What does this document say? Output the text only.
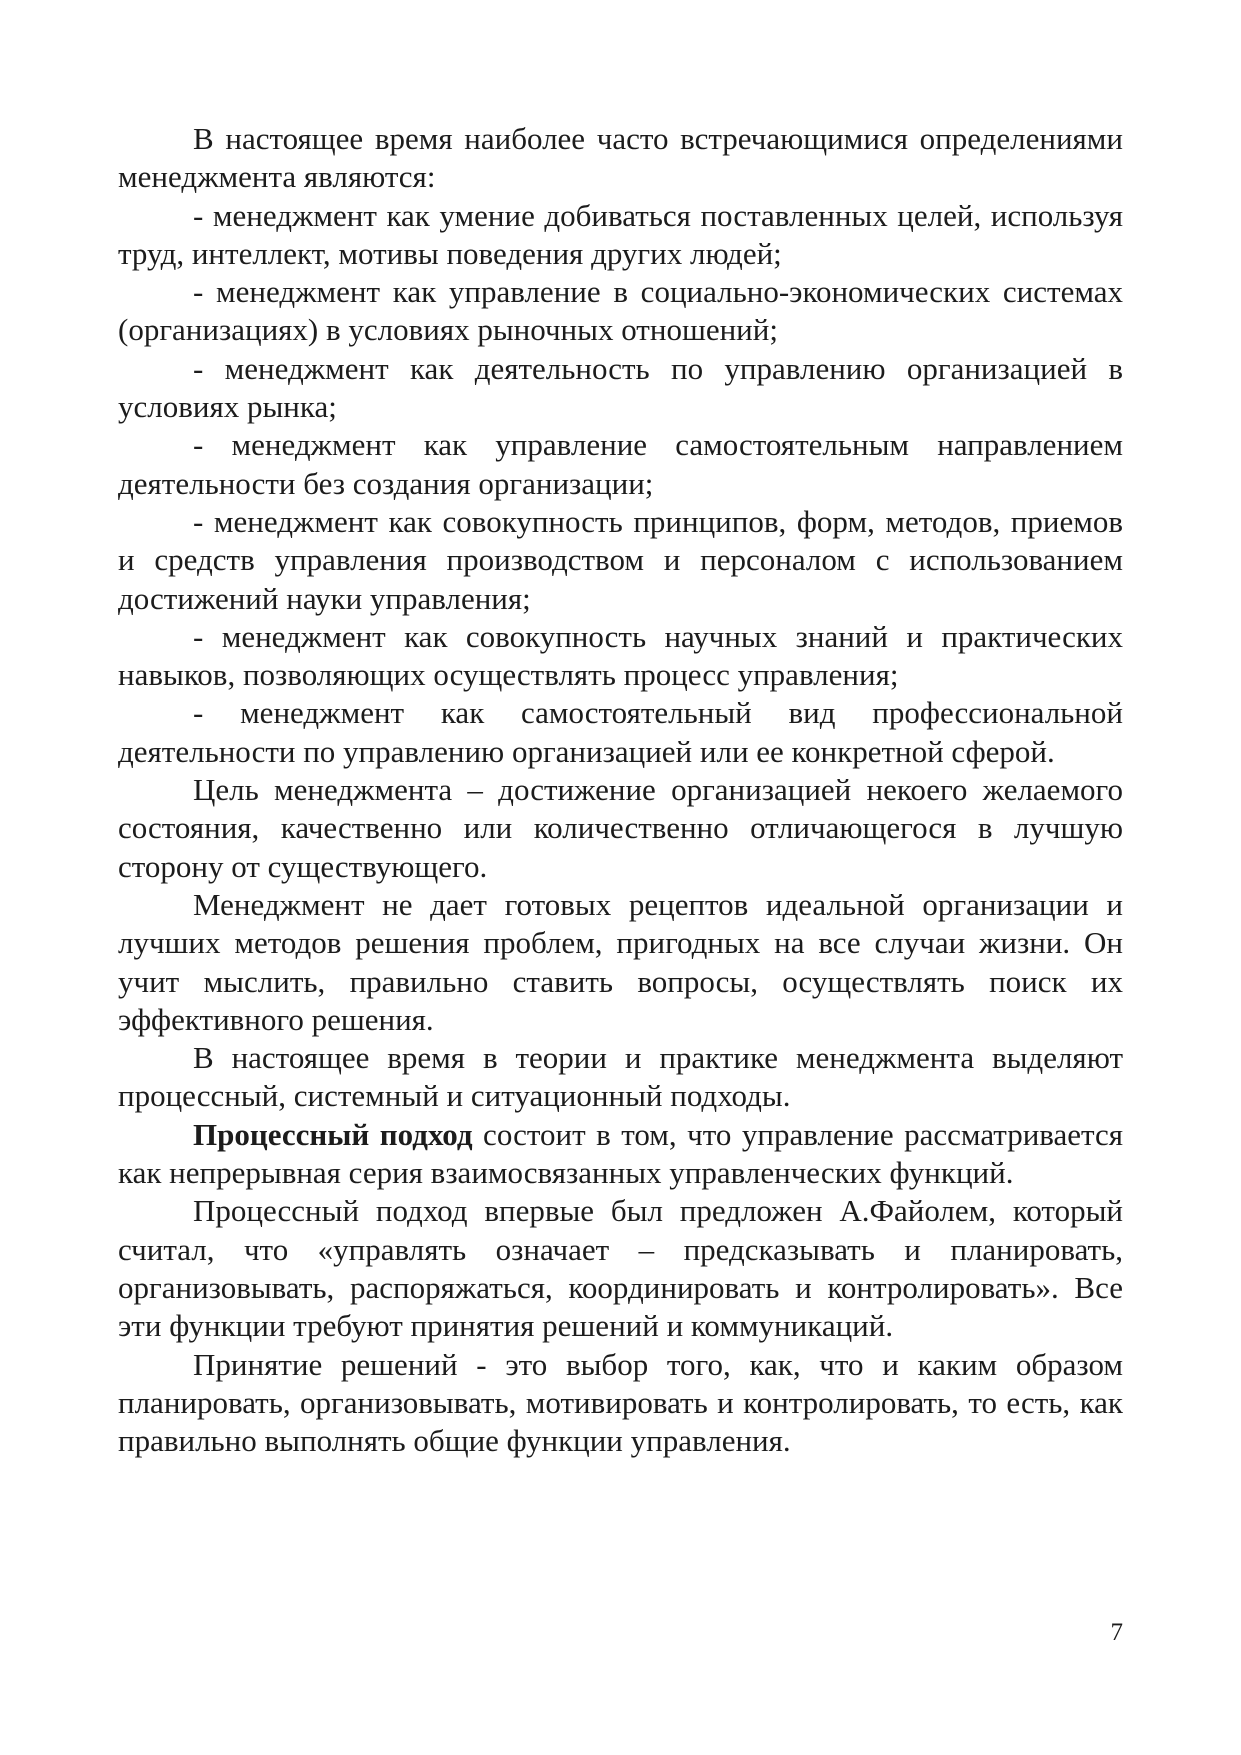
В настоящее время наиболее часто встречающимися определениями менеджмента являются:

- менеджмент как умение добиваться поставленных целей, используя труд, интеллект, мотивы поведения других людей;

- менеджмент как управление в социально-экономических системах (организациях) в условиях рыночных отношений;

- менеджмент как деятельность по управлению организацией в условиях рынка;

- менеджмент как управление самостоятельным направлением деятельности без создания организации;

- менеджмент как совокупность принципов, форм, методов, приемов и средств управления производством и персоналом с использованием достижений науки управления;

- менеджмент как совокупность научных знаний и практических навыков, позволяющих осуществлять процесс управления;

- менеджмент как самостоятельный вид профессиональной деятельности по управлению организацией или ее конкретной сферой.

Цель менеджмента – достижение организацией некоего желаемого состояния, качественно или количественно отличающегося в лучшую сторону от существующего.

Менеджмент не дает готовых рецептов идеальной организации и лучших методов решения проблем, пригодных на все случаи жизни. Он учит мыслить, правильно ставить вопросы, осуществлять поиск их эффективного решения.

В настоящее время в теории и практике менеджмента выделяют процессный, системный и ситуационный подходы.

Процессный подход состоит в том, что управление рассматривается как непрерывная серия взаимосвязанных управленческих функций.

Процессный подход впервые был предложен А.Файолем, который считал, что «управлять означает – предсказывать и планировать, организовывать, распоряжаться, координировать и контролировать». Все эти функции требуют принятия решений и коммуникаций.

Принятие решений - это выбор того, как, что и каким образом планировать, организовывать, мотивировать и контролировать, то есть, как правильно выполнять общие функции управления.

7
